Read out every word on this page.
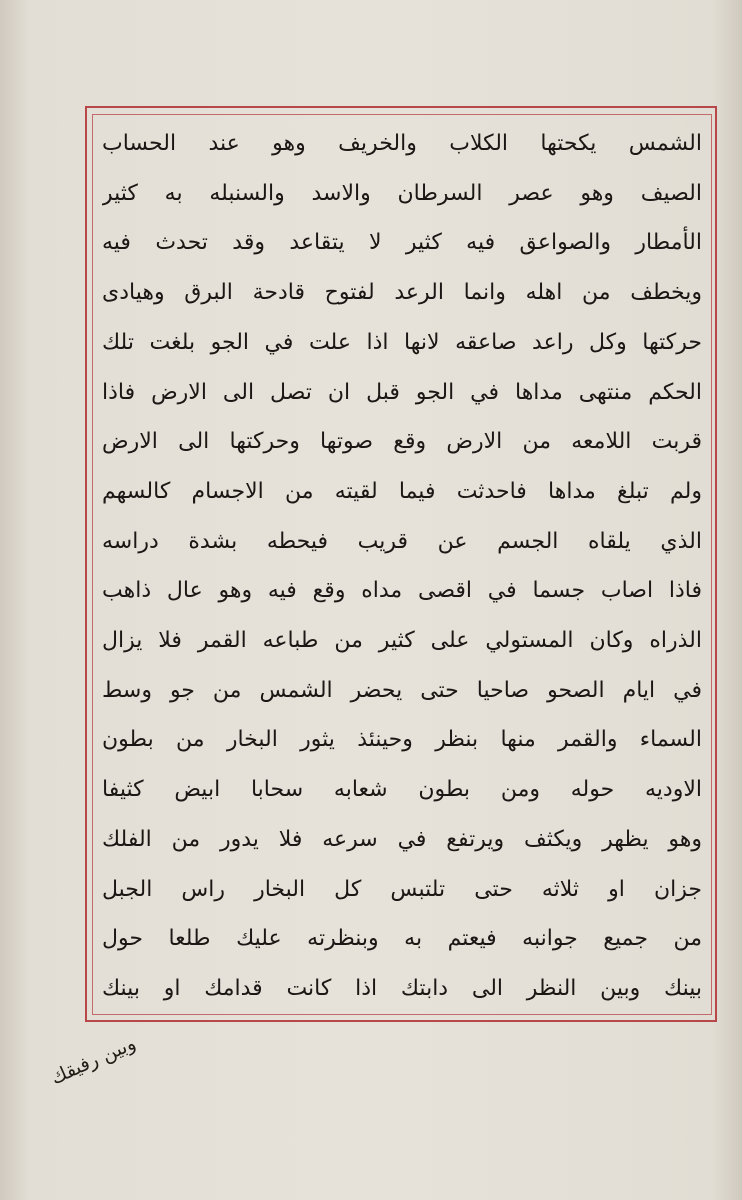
الشمس يكحتها الكلاب والخريف وهو عند الحساب
الصيف وهو عصر السرطان والاسد والسنبله به كثير
الأمطار والصواعق فيه كثير لا يتقاعد وقد تحدث فيه
ويخطف من اهله وانما الرعد لفتوح قادحة البرق وهيادى
حركتها وكل راعد صاعقه لانها اذا علت في الجو بلغت تلك
الحكم منتهى مداها في الجو قبل ان تصل الى الارض فاذا
قربت اللامعه من الارض وقع صوتها وحركتها الى الارض
ولم تبلغ مداها فاحدثت فيما لقيته من الاجسام كالسهم
الذي يلقاه الجسم عن قريب فيحطه بشدة دراسه
فاذا اصاب جسما في اقصى مداه وقع فيه وهو عال ذاهب
الذراه وكان المستولي على كثير من طباعه القمر فلا يزال
في ايام الصحو صاحيا حتى يحضر الشمس من جو وسط
السماء والقمر منها بنظر وحينئذ يثور البخار من بطون
الاوديه حوله ومن بطون شعابه سحابا ابيض كثيفا
وهو يظهر ويكثف ويرتفع في سرعه فلا يدور من الفلك
جزان او ثلاثه حتى تلتبس كل البخار راس الجبل
من جميع جوانبه فيعتم به وبنظرته عليك طلعا حول
بينك وبين النظر الى دابتك اذا كانت قدامك او بينك
وبين رفيقك
